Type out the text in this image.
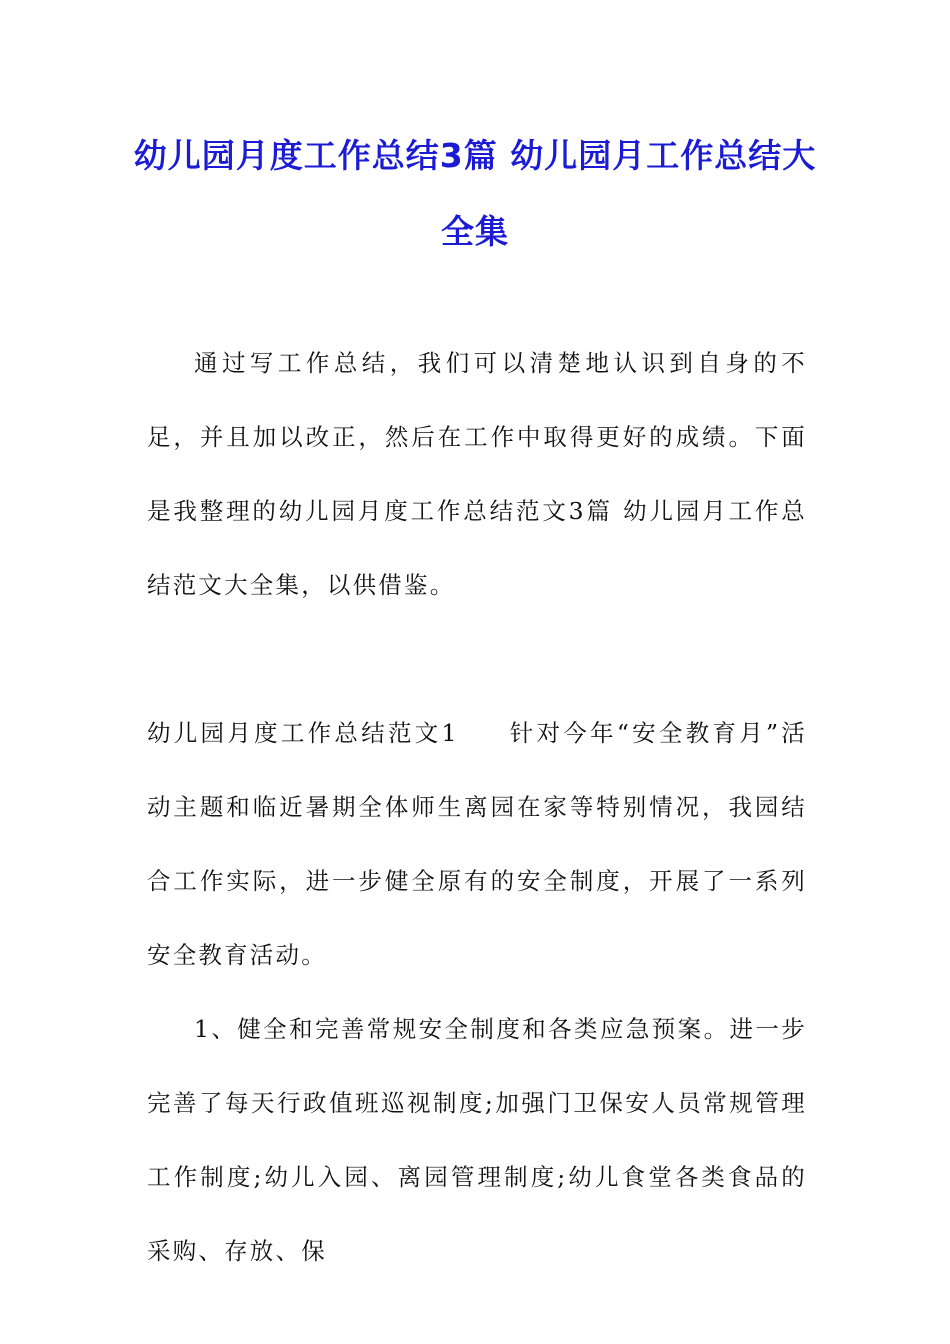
幼儿园月度工作总结3篇 幼儿园月工作总结大全集

通过写工作总结，我们可以清楚地认识到自身的不足，并且加以改正，然后在工作中取得更好的成绩。下面是我整理的幼儿园月度工作总结范文3篇 幼儿园月工作总结范文大全集，以供借鉴。

幼儿园月度工作总结范文1 针对今年“安全教育月”活动主题和临近暑期全体师生离园在家等特别情况，我园结合工作实际，进一步健全原有的安全制度，开展了一系列安全教育活动。

1、健全和完善常规安全制度和各类应急预案。进一步完善了每天行政值班巡视制度;加强门卫保安人员常规管理工作制度;幼儿入园、离园管理制度;幼儿食堂各类食品的采购、存放、保
